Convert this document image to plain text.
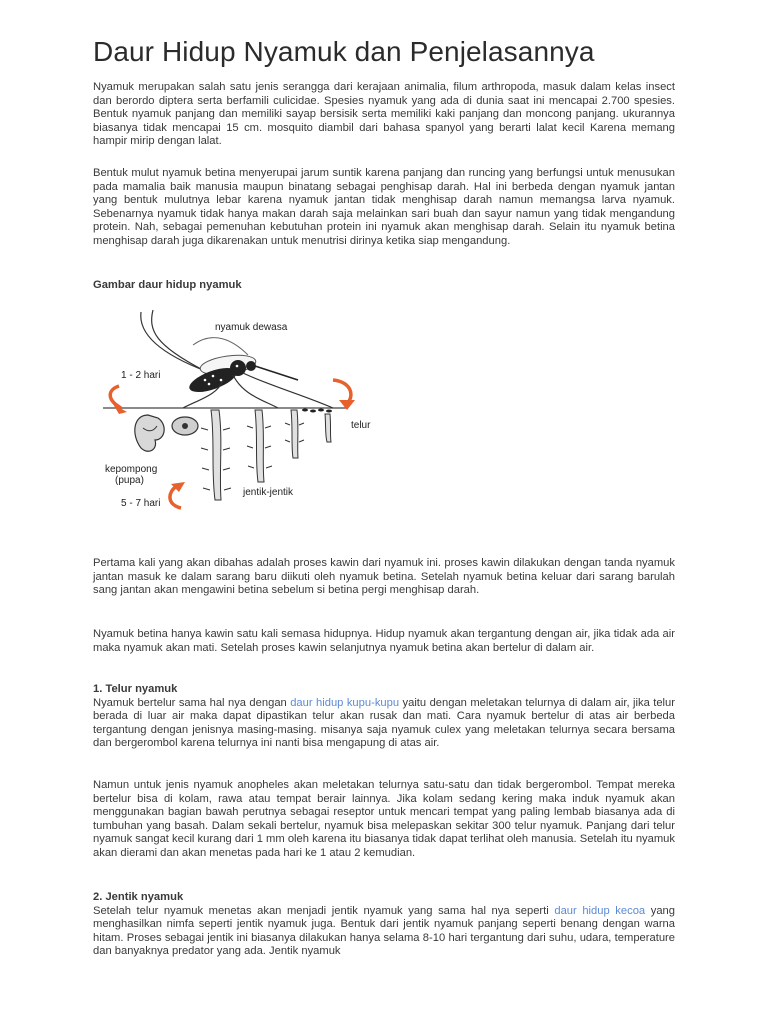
Daur Hidup Nyamuk dan Penjelasannya

Nyamuk merupakan salah satu jenis serangga dari kerajaan animalia, filum arthropoda, masuk dalam kelas insect dan berordo diptera serta berfamili culicidae. Spesies nyamuk yang ada di dunia saat ini mencapai 2.700 spesies. Bentuk nyamuk panjang dan memiliki sayap bersisik serta memiliki kaki panjang dan moncong panjang. ukurannya biasanya tidak mencapai 15 cm. mosquito diambil dari bahasa spanyol yang berarti lalat kecil Karena memang hampir mirip dengan lalat.

Bentuk mulut nyamuk betina menyerupai jarum suntik karena panjang dan runcing yang berfungsi untuk menusukan pada mamalia baik manusia maupun binatang sebagai penghisap darah. Hal ini berbeda dengan nyamuk jantan yang bentuk mulutnya lebar karena nyamuk jantan tidak menghisap darah namun memangsa larva nyamuk. Sebenarnya nyamuk tidak hanya makan darah saja melainkan sari buah dan sayur namun yang tidak mengandung protein. Nah, sebagai pemenuhan kebutuhan protein ini nyamuk akan menghisap darah. Selain itu nyamuk betina menghisap darah juga dikarenakan untuk menutrisi dirinya ketika siap mengandung.

Gambar daur hidup nyamuk

nyamuk dewasa
1 - 2 hari
telur
kepompong
(pupa)
5 - 7 hari
jentik-jentik

Pertama kali yang akan dibahas adalah proses kawin dari nyamuk ini. proses kawin dilakukan dengan tanda nyamuk jantan masuk ke dalam sarang baru diikuti oleh nyamuk betina. Setelah nyamuk betina keluar dari sarang barulah sang jantan akan mengawini betina sebelum si betina pergi menghisap darah.

Nyamuk betina hanya kawin satu kali semasa hidupnya. Hidup nyamuk akan tergantung dengan air, jika tidak ada air maka nyamuk akan mati. Setelah proses kawin selanjutnya nyamuk betina akan bertelur di dalam air.

1. Telur nyamuk

Nyamuk bertelur sama hal nya dengan daur hidup kupu-kupu yaitu dengan meletakan telurnya di dalam air, jika telur berada di luar air maka dapat dipastikan telur akan rusak dan mati. Cara nyamuk bertelur di atas air berbeda tergantung dengan jenisnya masing-masing. misanya saja nyamuk culex yang meletakan telurnya secara bersama dan bergerombol karena telurnya ini nanti bisa mengapung di atas air.

Namun untuk jenis nyamuk anopheles akan meletakan telurnya satu-satu dan tidak bergerombol. Tempat mereka bertelur bisa di kolam, rawa atau tempat berair lainnya. Jika kolam sedang kering maka induk nyamuk akan menggunakan bagian bawah perutnya sebagai reseptor untuk mencari tempat yang paling lembab biasanya ada di tumbuhan yang basah. Dalam sekali bertelur, nyamuk bisa melepaskan sekitar 300 telur nyamuk. Panjang dari telur nyamuk sangat kecil kurang dari 1 mm oleh karena itu biasanya tidak dapat terlihat oleh manusia. Setelah itu nyamuk akan dierami dan akan menetas pada hari ke 1 atau 2 kemudian.

2. Jentik nyamuk

Setelah telur nyamuk menetas akan menjadi jentik nyamuk yang sama hal nya seperti daur hidup kecoa yang menghasilkan nimfa seperti jentik nyamuk juga. Bentuk dari jentik nyamuk panjang seperti benang dengan warna hitam. Proses sebagai jentik ini biasanya dilakukan hanya selama 8-10 hari tergantung dari suhu, udara, temperature dan banyaknya predator yang ada. Jentik nyamuk
